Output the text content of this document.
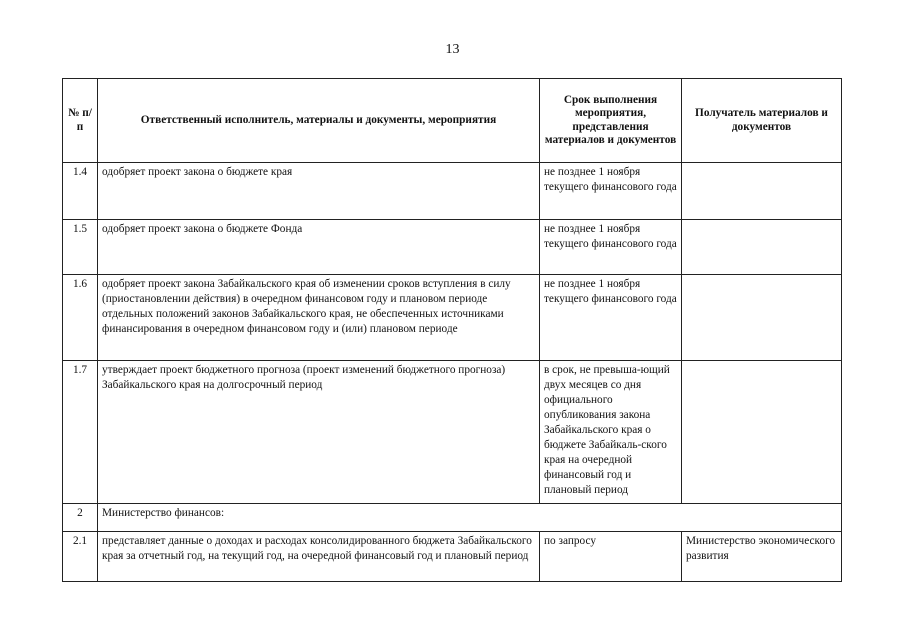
13
№ п/п	Ответственный исполнитель, материалы и документы, мероприятия	Срок выполнения мероприятия, представления материалов и документов	Получатель материалов и документов
1.4	одобряет проект закона о бюджете края	не позднее 1 ноября текущего финансового года	
1.5	одобряет проект закона о бюджете Фонда	не позднее 1 ноября текущего финансового года	
1.6	одобряет проект закона Забайкальского края об изменении сроков вступления в силу (приостановлении действия) в очередном финансовом году и плановом периоде отдельных положений законов Забайкальского края, не обеспеченных источниками финансирования в очередном финансовом году и (или) плановом периоде	не позднее 1 ноября текущего финансового года	
1.7	утверждает проект бюджетного прогноза (проект изменений бюджетного прогноза) Забайкальского края на долгосрочный период	в срок, не превыша-ющий двух месяцев со дня официального опубликования закона Забайкальского края о бюджете Забайкаль-ского края на очередной финансовый год и плановый период	
2	Министерство финансов:		
2.1	представляет данные о доходах и расходах консолидированного бюджета Забайкальского края за отчетный год, на текущий год, на очередной финансовый год и плановый период	по запросу	Министерство экономического развития
